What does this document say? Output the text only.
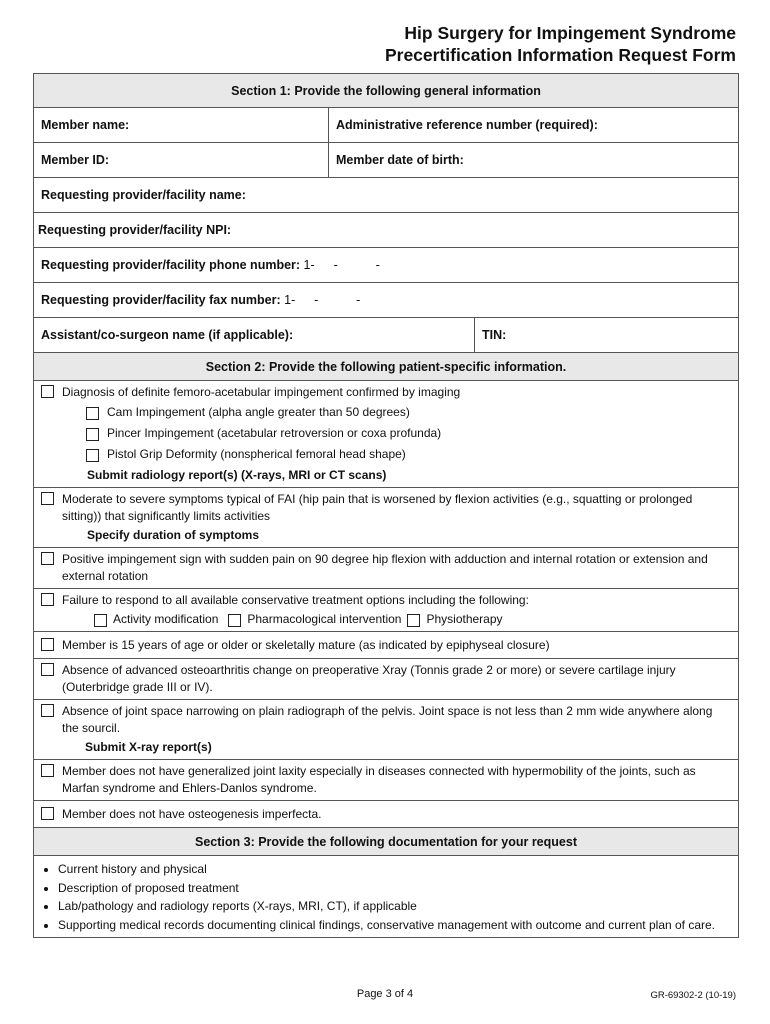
Hip Surgery for Impingement Syndrome
Precertification Information Request Form
Section 1: Provide the following general information
Member name:	Administrative reference number (required):
Member ID:	Member date of birth:
Requesting provider/facility name:
Requesting provider/facility NPI:
Requesting provider/facility phone number:
1-	-	-
Requesting provider/facility fax number:
1-	-	-
Assistant/co-surgeon name (if applicable):	TIN:
Section 2: Provide the following patient-specific information.
Diagnosis of definite femoro-acetabular impingement confirmed by imaging
Cam Impingement (alpha angle greater than 50 degrees)
Pincer Impingement (acetabular retroversion or coxa profunda)
Pistol Grip Deformity (nonspherical femoral head shape)
Submit radiology report(s) (X-rays, MRI or CT scans)
Moderate to severe symptoms typical of FAI (hip pain that is worsened by flexion activities (e.g., squatting or prolonged sitting)) that significantly limits activities
Specify duration of symptoms
Positive impingement sign with sudden pain on 90 degree hip flexion with adduction and internal rotation or extension and external rotation
Failure to respond to all available conservative treatment options including the following:
Activity modification Pharmacological intervention Physiotherapy
Member is 15 years of age or older or skeletally mature (as indicated by epiphyseal closure)
Absence of advanced osteoarthritis change on preoperative Xray (Tonnis grade 2 or more) or severe cartilage injury (Outerbridge grade III or IV).
Absence of joint space narrowing on plain radiograph of the pelvis. Joint space is not less than 2 mm wide anywhere along the sourcil.
Submit X-ray report(s)
Member does not have generalized joint laxity especially in diseases connected with hypermobility of the joints, such as Marfan syndrome and Ehlers-Danlos syndrome.
Member does not have osteogenesis imperfecta.
Section 3: Provide the following documentation for your request
• Current history and physical
• Description of proposed treatment
• Lab/pathology and radiology reports (X-rays, MRI, CT), if applicable
• Supporting medical records documenting clinical findings, conservative management with outcome and current plan of care.
Page 3 of 4	GR-69302-2 (10-19)
